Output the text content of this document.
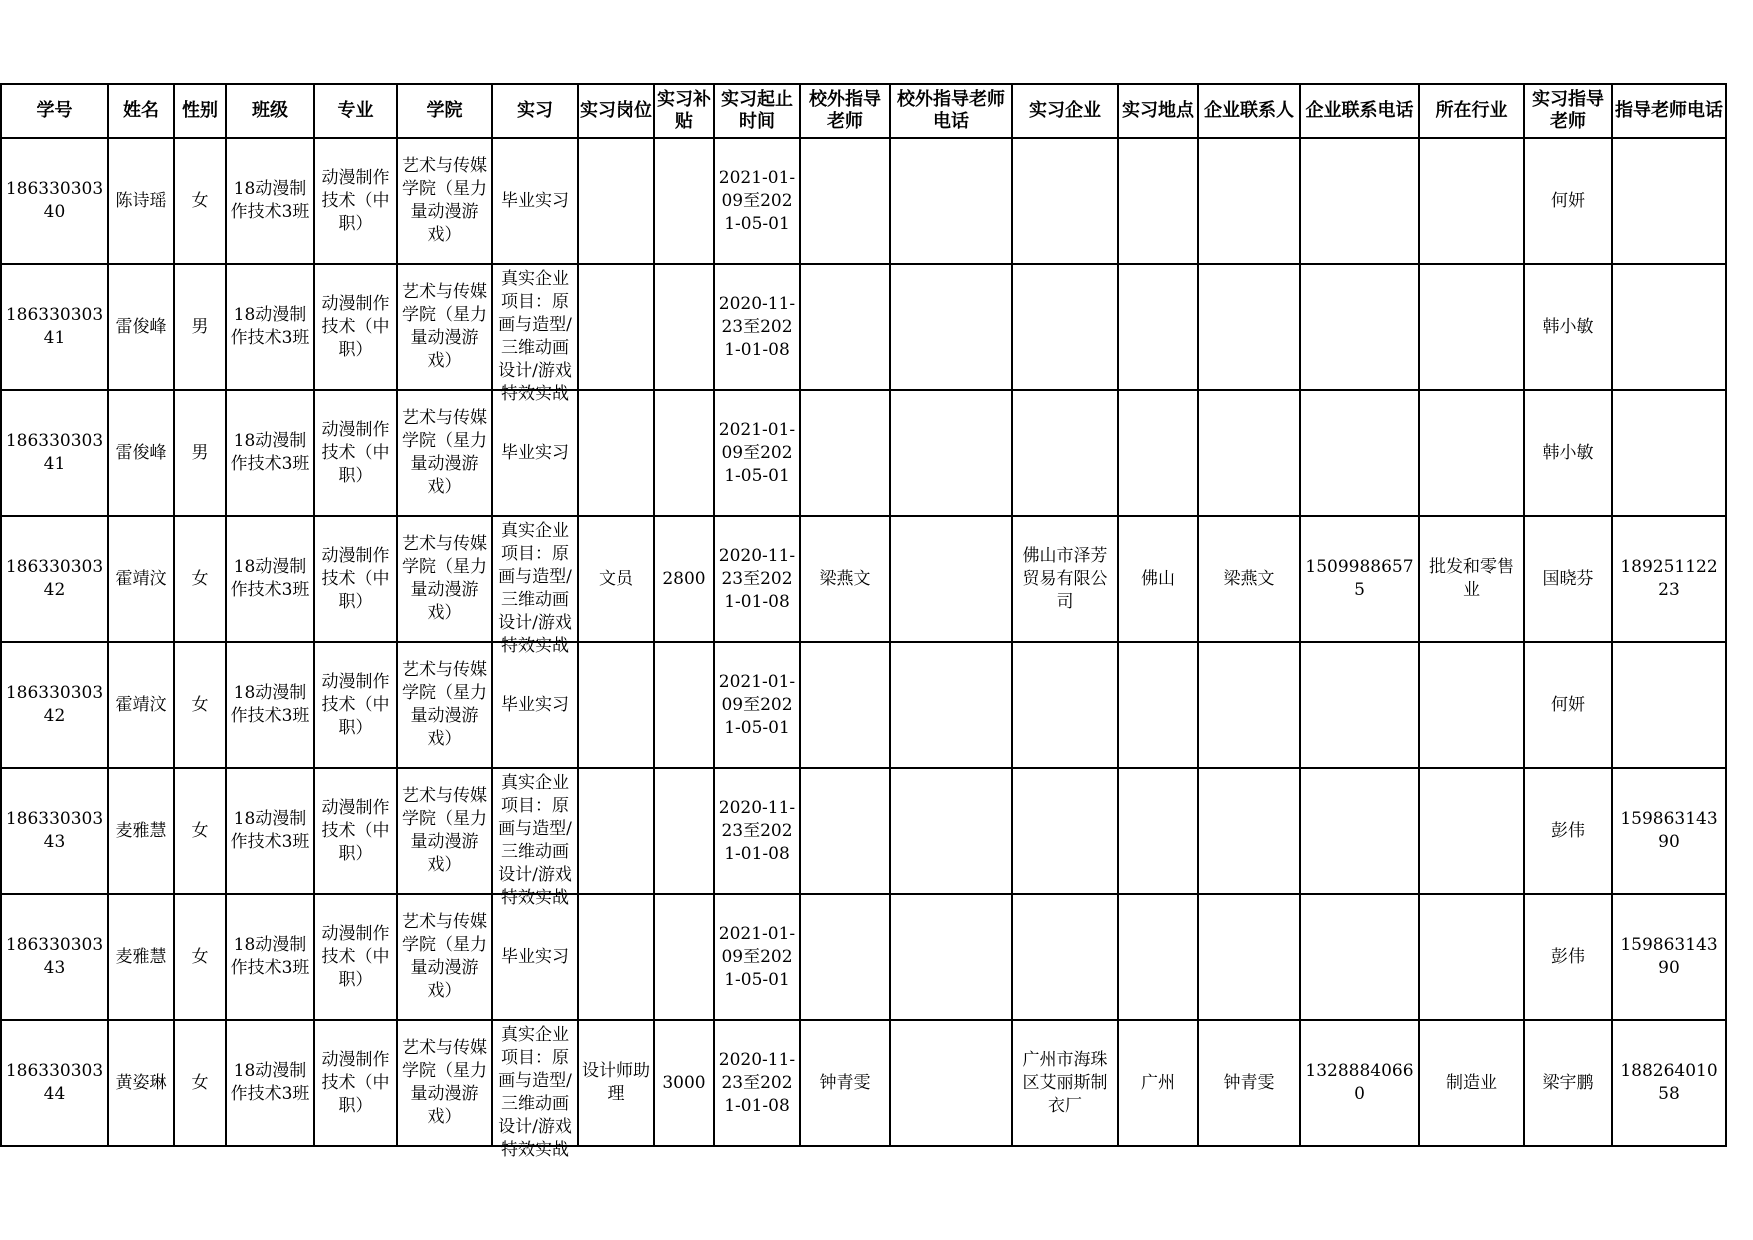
学号	姓名	性别	班级	专业	学院	实习	实习岗位	实习补贴	实习起止时间	校外指导老师	校外指导老师电话	实习企业	实习地点	企业联系人	企业联系电话	所在行业	实习指导老师	指导老师电话

18633030340	陈诗瑶	女	18动漫制作技术3班	动漫制作技术（中职）	艺术与传媒学院（星力量动漫游戏）	毕业实习			2021-01-09至2021-05-01								何妍	

18633030341	雷俊峰	男	18动漫制作技术3班	动漫制作技术（中职）	艺术与传媒学院（星力量动漫游戏）	真实企业项目：原画与造型/三维动画设计/游戏特效实战			2020-11-23至2021-01-08								韩小敏	

18633030341	雷俊峰	男	18动漫制作技术3班	动漫制作技术（中职）	艺术与传媒学院（星力量动漫游戏）	毕业实习			2021-01-09至2021-05-01								韩小敏	

18633030342	霍靖汶	女	18动漫制作技术3班	动漫制作技术（中职）	艺术与传媒学院（星力量动漫游戏）	真实企业项目：原画与造型/三维动画设计/游戏特效实战	文员	2800	2020-11-23至2021-01-08	梁燕文		佛山市泽芳贸易有限公司	佛山	梁燕文	15099886575	批发和零售业	国晓芬	18925112223

18633030342	霍靖汶	女	18动漫制作技术3班	动漫制作技术（中职）	艺术与传媒学院（星力量动漫游戏）	毕业实习			2021-01-09至2021-05-01								何妍	

18633030343	麦雅慧	女	18动漫制作技术3班	动漫制作技术（中职）	艺术与传媒学院（星力量动漫游戏）	真实企业项目：原画与造型/三维动画设计/游戏特效实战			2020-11-23至2021-01-08								彭伟	15986314390

18633030343	麦雅慧	女	18动漫制作技术3班	动漫制作技术（中职）	艺术与传媒学院（星力量动漫游戏）	毕业实习			2021-01-09至2021-05-01								彭伟	15986314390

18633030344	黄姿琳	女	18动漫制作技术3班	动漫制作技术（中职）	艺术与传媒学院（星力量动漫游戏）	真实企业项目：原画与造型/三维动画设计/游戏特效实战	设计师助理	3000	2020-11-23至2021-01-08	钟青雯		广州市海珠区艾丽斯制衣厂	广州	钟青雯	13288840660	制造业	梁宇鹏	18826401058
